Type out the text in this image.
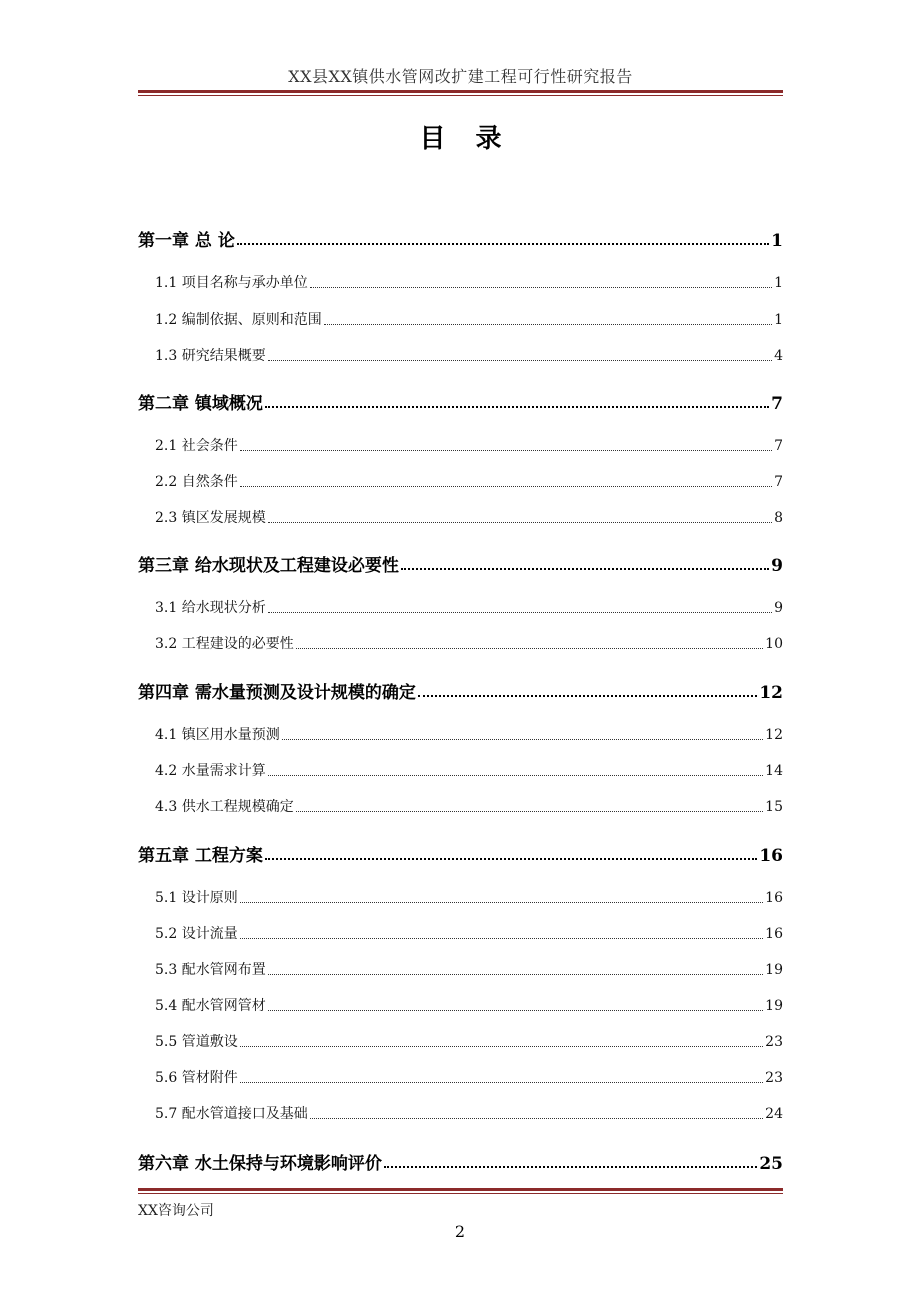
XX县XX镇供水管网改扩建工程可行性研究报告
目录
第一章 总 论	1
1.1 项目名称与承办单位	1
1.2 编制依据、原则和范围	1
1.3 研究结果概要	4
第二章 镇域概况	7
2.1 社会条件	7
2.2 自然条件	7
2.3 镇区发展规模	8
第三章 给水现状及工程建设必要性	9
3.1 给水现状分析	9
3.2 工程建设的必要性	10
第四章 需水量预测及设计规模的确定	12
4.1 镇区用水量预测	12
4.2 水量需求计算	14
4.3 供水工程规模确定	15
第五章 工程方案	16
5.1 设计原则	16
5.2 设计流量	16
5.3 配水管网布置	19
5.4 配水管网管材	19
5.5 管道敷设	23
5.6 管材附件	23
5.7 配水管道接口及基础	24
第六章 水土保持与环境影响评价	25
XX咨询公司
2
